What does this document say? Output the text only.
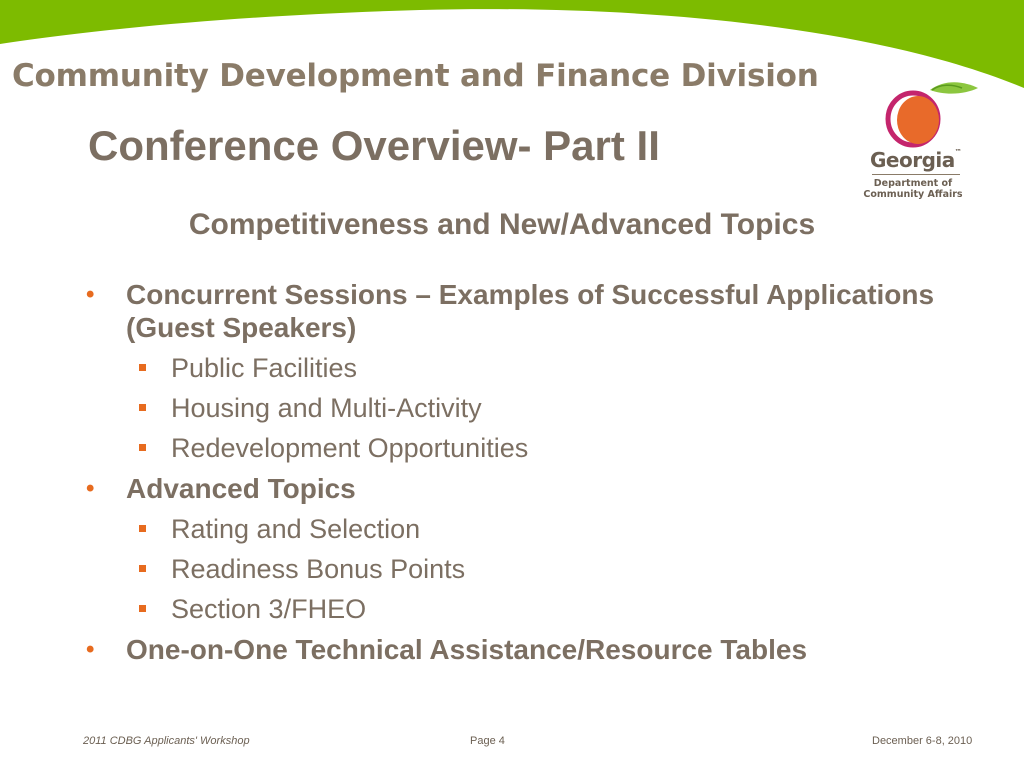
Community Development and Finance Division
Georgia™
Department of
Community Affairs
Conference Overview- Part II
Competitiveness and New/Advanced Topics
• Concurrent Sessions – Examples of Successful Applications (Guest Speakers)
Public Facilities
Housing and Multi-Activity
Redevelopment Opportunities
• Advanced Topics
Rating and Selection
Readiness Bonus Points
Section 3/FHEO
• One-on-One Technical Assistance/Resource Tables
2011 CDBG Applicants' Workshop	Page 4	December 6-8, 2010
